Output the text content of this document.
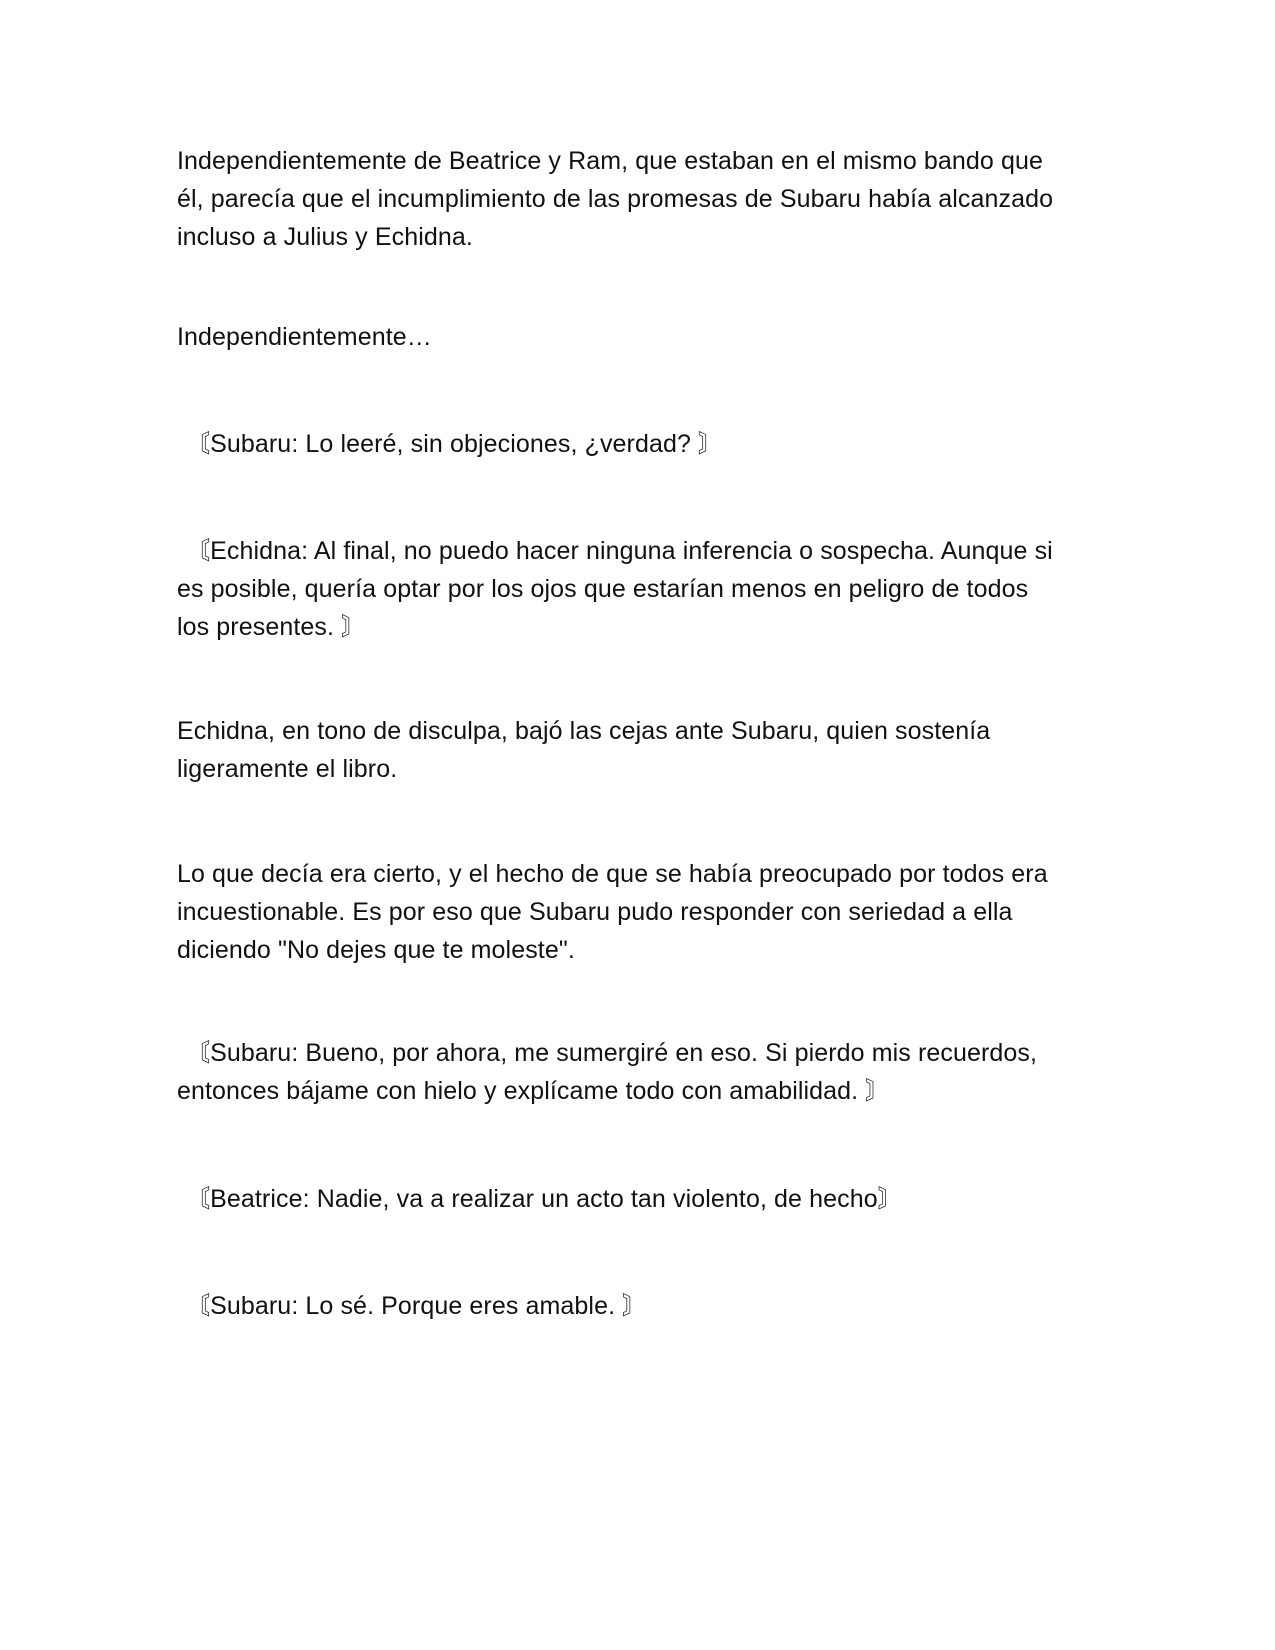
Independientemente de Beatrice y Ram, que estaban en el mismo bando que
él, parecía que el incumplimiento de las promesas de Subaru había alcanzado
incluso a Julius y Echidna.

Independientemente…

〘Subaru: Lo leeré, sin objeciones, ¿verdad? 〙

〘Echidna: Al final, no puedo hacer ninguna inferencia o sospecha. Aunque si
es posible, quería optar por los ojos que estarían menos en peligro de todos
los presentes. 〙

Echidna, en tono de disculpa, bajó las cejas ante Subaru, quien sostenía
ligeramente el libro.

Lo que decía era cierto, y el hecho de que se había preocupado por todos era
incuestionable. Es por eso que Subaru pudo responder con seriedad a ella
diciendo "No dejes que te moleste".

〘Subaru: Bueno, por ahora, me sumergiré en eso. Si pierdo mis recuerdos,
entonces bájame con hielo y explícame todo con amabilidad. 〙

〘Beatrice: Nadie, va a realizar un acto tan violento, de hecho〙

〘Subaru: Lo sé. Porque eres amable. 〙
